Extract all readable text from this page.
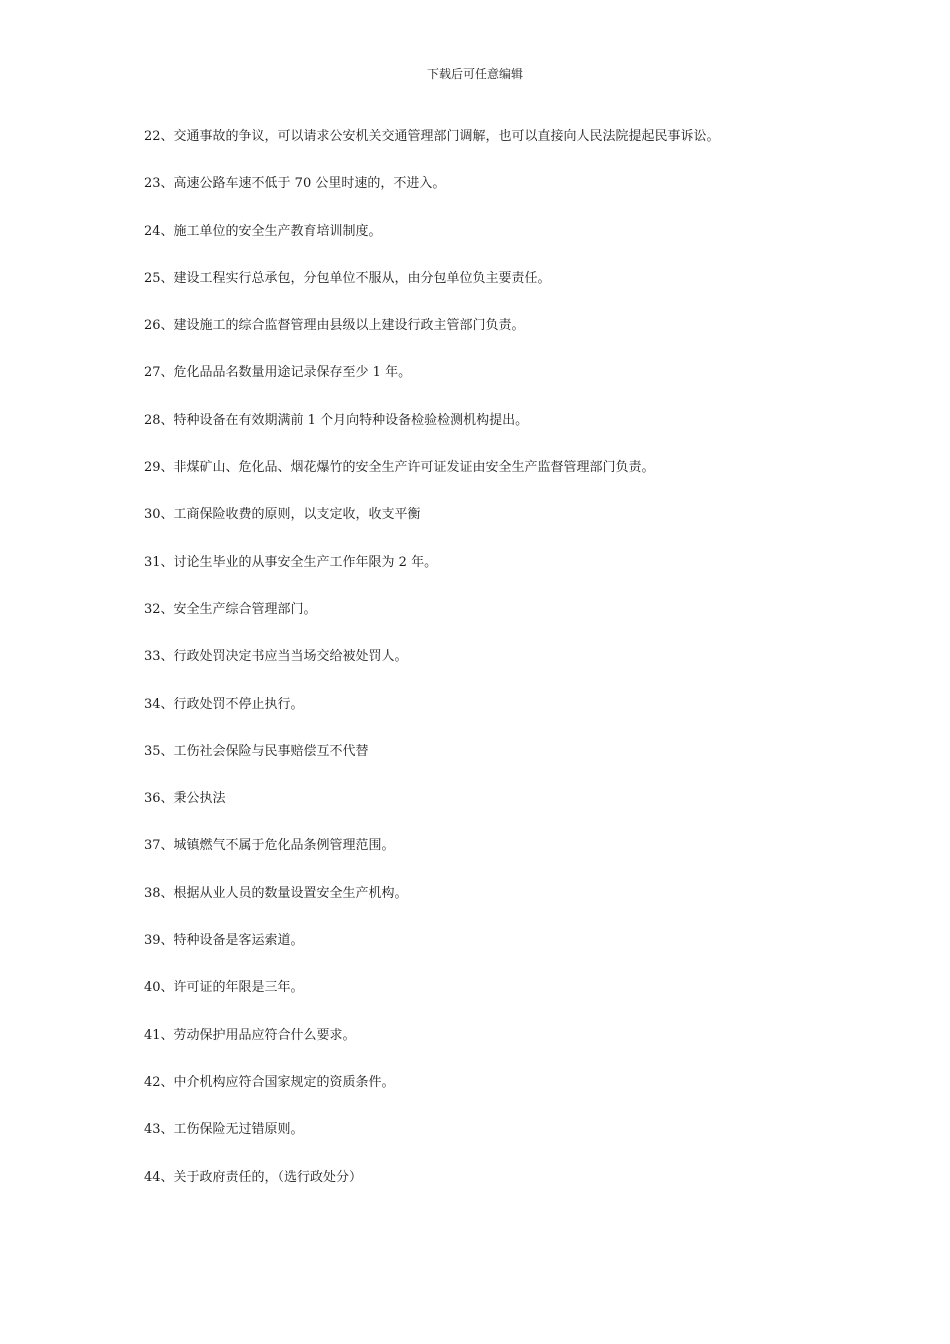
下载后可任意编辑
22、交通事故的争议，可以请求公安机关交通管理部门调解，也可以直接向人民法院提起民事诉讼。
23、高速公路车速不低于 70 公里时速的，不进入。
24、施工单位的安全生产教育培训制度。
25、建设工程实行总承包，分包单位不服从，由分包单位负主要责任。
26、建设施工的综合监督管理由县级以上建设行政主管部门负责。
27、危化品品名数量用途记录保存至少 1 年。
28、特种设备在有效期满前 1 个月向特种设备检验检测机构提出。
29、非煤矿山、危化品、烟花爆竹的安全生产许可证发证由安全生产监督管理部门负责。
30、工商保险收费的原则，以支定收，收支平衡
31、讨论生毕业的从事安全生产工作年限为 2 年。
32、安全生产综合管理部门。
33、行政处罚决定书应当当场交给被处罚人。
34、行政处罚不停止执行。
35、工伤社会保险与民事赔偿互不代替
36、秉公执法
37、城镇燃气不属于危化品条例管理范围。
38、根据从业人员的数量设置安全生产机构。
39、特种设备是客运索道。
40、许可证的年限是三年。
41、劳动保护用品应符合什么要求。
42、中介机构应符合国家规定的资质条件。
43、工伤保险无过错原则。
44、关于政府责任的，（选行政处分）
